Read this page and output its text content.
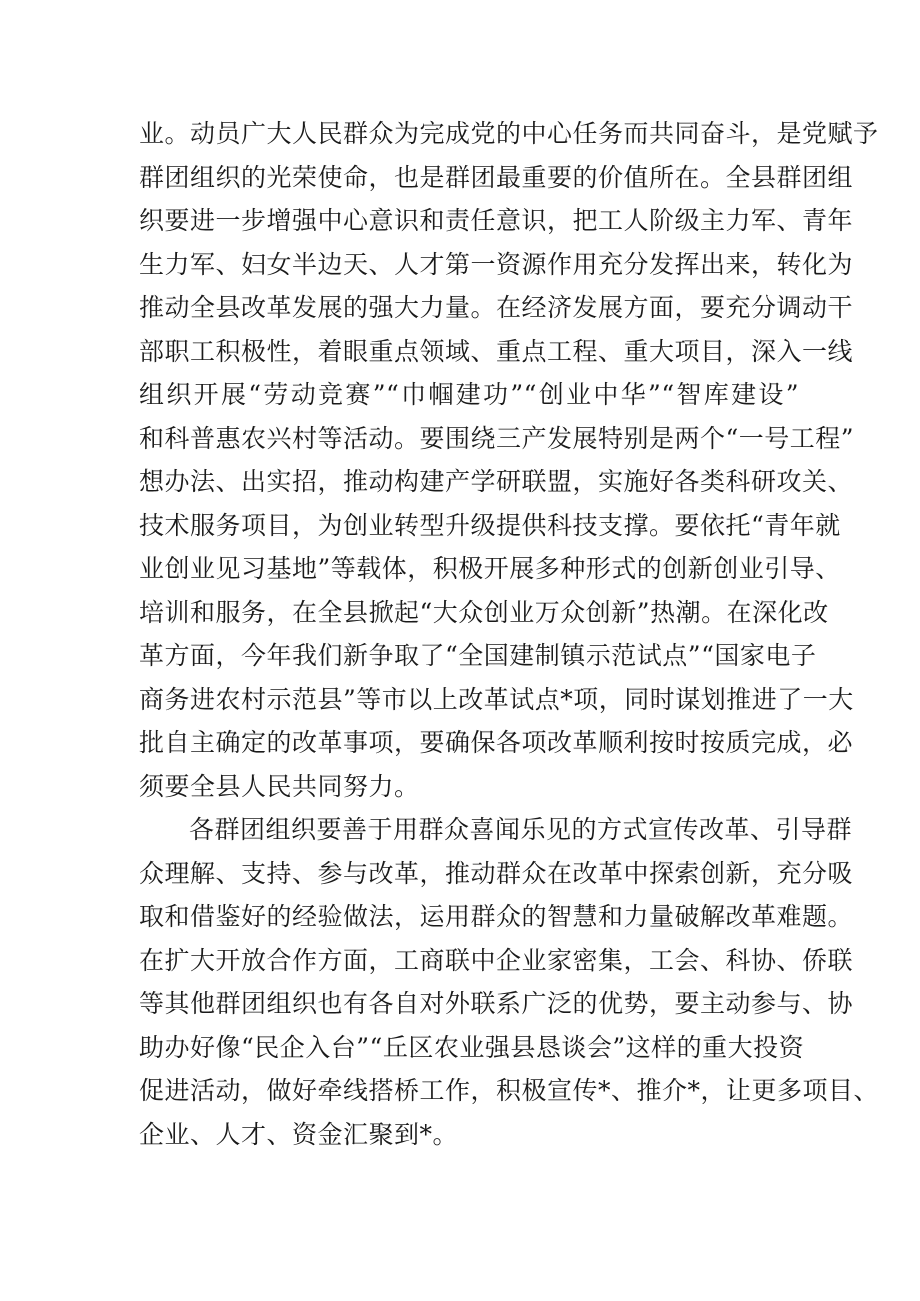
业。动员广大人民群众为完成党的中心任务而共同奋斗，是党赋予
群团组织的光荣使命，也是群团最重要的价值所在。全县群团组
织要进一步增强中心意识和责任意识，把工人阶级主力军、青年
生力军、妇女半边天、人才第一资源作用充分发挥出来，转化为
推动全县改革发展的强大力量。在经济发展方面，要充分调动干
部职工积极性，着眼重点领域、重点工程、重大项目，深入一线
组织开展“劳动竞赛”“巾帼建功”“创业中华”“智库建设”
和科普惠农兴村等活动。要围绕三产发展特别是两个“一号工程”
想办法、出实招，推动构建产学研联盟，实施好各类科研攻关、
技术服务项目，为创业转型升级提供科技支撑。要依托“青年就
业创业见习基地”等载体，积极开展多种形式的创新创业引导、
培训和服务，在全县掀起“大众创业万众创新”热潮。在深化改
革方面，今年我们新争取了“全国建制镇示范试点”“国家电子
商务进农村示范县”等市以上改革试点*项，同时谋划推进了一大
批自主确定的改革事项，要确保各项改革顺利按时按质完成，必
须要全县人民共同努力。
各群团组织要善于用群众喜闻乐见的方式宣传改革、引导群
众理解、支持、参与改革，推动群众在改革中探索创新，充分吸
取和借鉴好的经验做法，运用群众的智慧和力量破解改革难题。
在扩大开放合作方面，工商联中企业家密集，工会、科协、侨联
等其他群团组织也有各自对外联系广泛的优势，要主动参与、协
助办好像“民企入台”“丘区农业强县恳谈会”这样的重大投资
促进活动，做好牵线搭桥工作，积极宣传*、推介*，让更多项目、
企业、人才、资金汇聚到*。
